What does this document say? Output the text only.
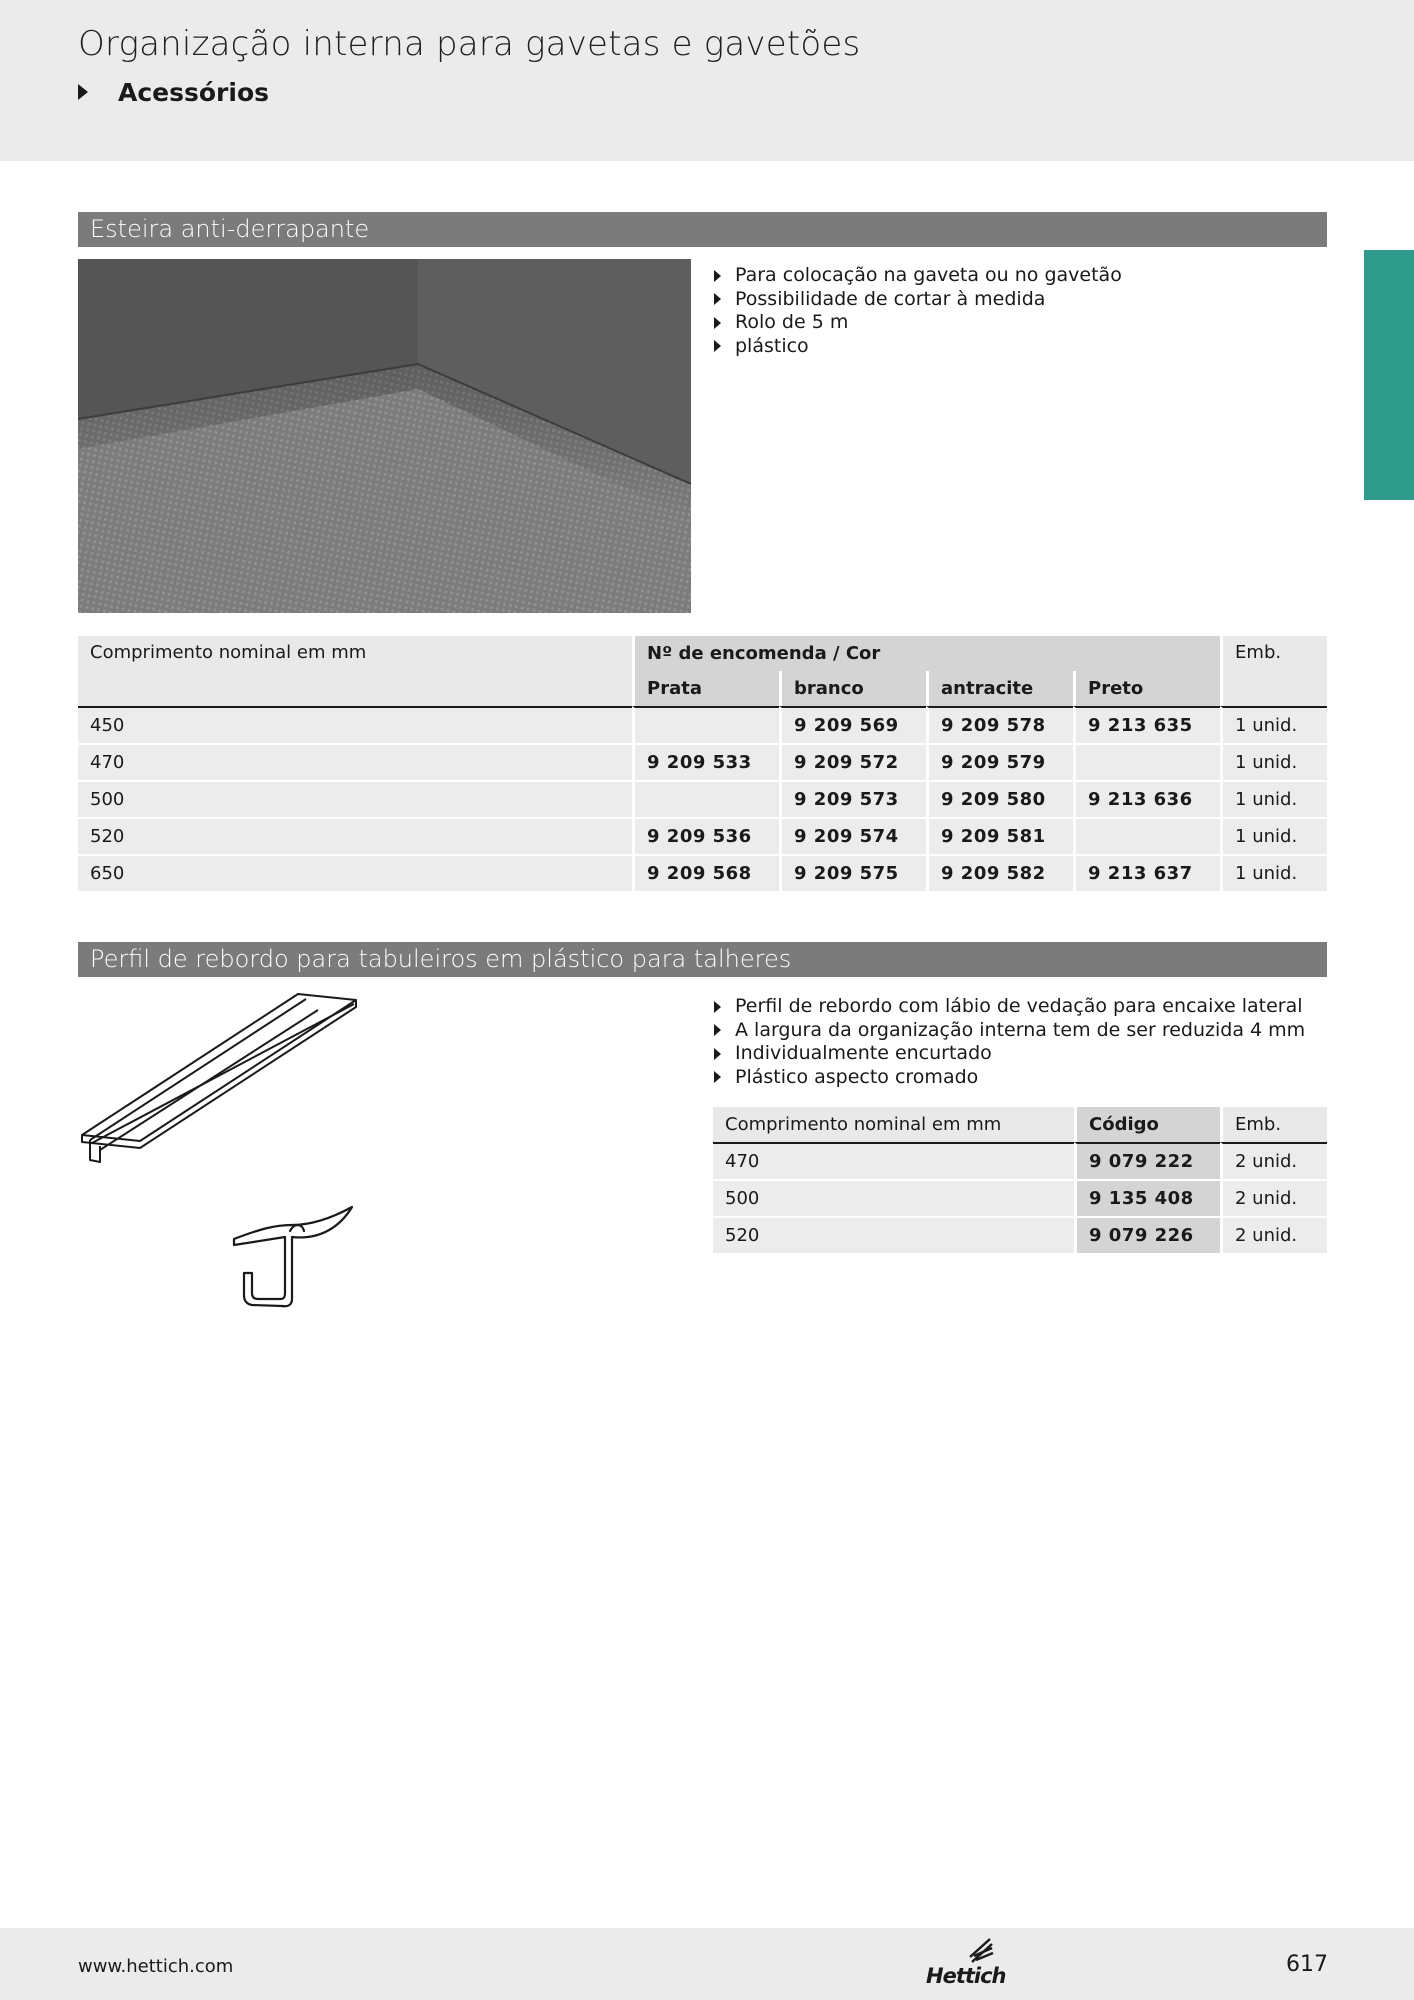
Organização interna para gavetas e gavetões
Acessórios
Esteira anti-derrapante
Para colocação na gaveta ou no gavetão
Possibilidade de cortar à medida
Rolo de 5 m
plástico
Comprimento nominal em mm	Nº de encomenda / Cor				Emb.
	Prata	branco	antracite	Preto	
450		9 209 569	9 209 578	9 213 635	1 unid.
470	9 209 533	9 209 572	9 209 579		1 unid.
500		9 209 573	9 209 580	9 213 636	1 unid.
520	9 209 536	9 209 574	9 209 581		1 unid.
650	9 209 568	9 209 575	9 209 582	9 213 637	1 unid.
Perfil de rebordo para tabuleiros em plástico para talheres
Perfil de rebordo com lábio de vedação para encaixe lateral
A largura da organização interna tem de ser reduzida 4 mm
Individualmente encurtado
Plástico aspecto cromado
Comprimento nominal em mm	Código	Emb.
470	9 079 222	2 unid.
500	9 135 408	2 unid.
520	9 079 226	2 unid.
www.hettich.com	Hettich	617
